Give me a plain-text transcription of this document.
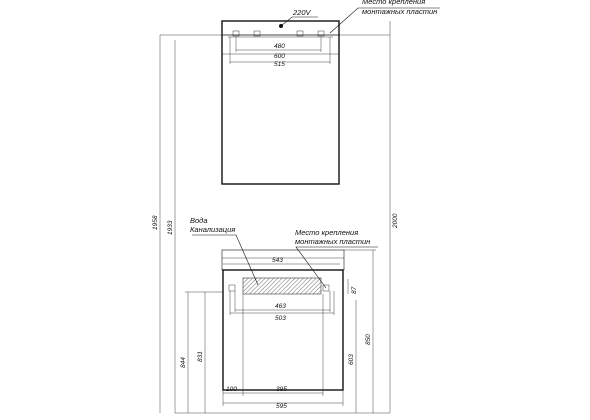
220V
Место крепления
монтажных пластин
480
600
515
543
463
503
100	395
595
87
Вода
Канализация	Место крепления
монтажных пластин
1958 1933	2000
844
831	603
850
